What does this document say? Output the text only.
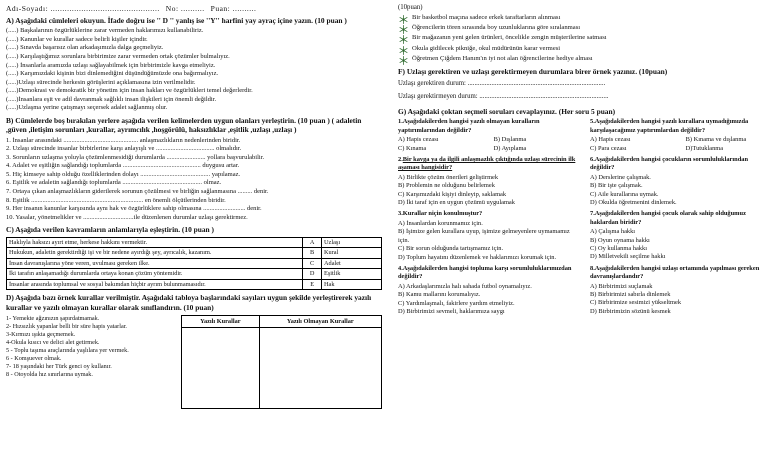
Adı-Soyadı: .............................................. No: .......... Puan: ..........
A) Aşağıdaki cümleleri okuyun. İfade doğru ise '' D '' yanlış ise ''Y'' harfini yay ayraç içine yazın. (10 puan )
(.....) Başkalarının özgürlüklerine zarar vermeden haklarımızı kullanabiliriz.
(.....) Kanunlar ve kurallar sadece belirli kişiler içindir.
(.....) Sınavda başarısız olan arkadaşımızla dalga geçmeliyiz.
(.....) Karşılaştığımız sorunlara birbirimize zarar vermeden ortak çözümler bulmalıyız.
(.....) İnsanlarla aramızda uzlaşı sağlayabilmek için birbirimizle kavga etmeliyiz.
(.....) Karşımızdaki kişinin bizi dinlemediğini düşündüğümüzde ona bağırmalıyız.
(.....)Uzlaşı sürecinde herkesin görüşlerini açıklamasına izin verilmelidir.
(.....)Demokrasi ve demokratik bir yönetim için insan hakları ve özgürlükleri temel değerlerdir.
(.....)İnsanlara eşit ve adil davranmak sağlıklı insan ilişkileri için önemli değildir.
(.....)Uzlaşma yerine çatışmayı seçersek adalet sağlanmış olur.
B) Cümlelerde boş bırakılan yerlere aşağıda verilen kelimelerden uygun olanları yerleştirin. (10 puan ) ( adaletin ,güven ,iletişim sorunları ,kurallar, ayrımcılık ,hoşgörülü, haksızlıklar ,eşitlik ,uzlaşı ,uzlaşı )
1. İnsanlar arasındaki .............................................. anlaşmazlıkların nedenlerinden biridir.
2. Uzlaşı sürecinde insanlar birbirlerine karşı anlayışlı ve .................................... olmalıdır.
3. Sorunların uzlaşma yoluyla çözümlenmesidiği durumlarda ........................ yollara başvurulabilir.
4. Adalet ve eşitliğin sağlandığı toplumlarda ................................................ duygusu artar.
5. Hiç kimseye sahip olduğu özelliklerinden dolayı ........................................... yapılamaz.
6. Eşitlik ve adaletin sağlandığı toplumlarda ................................................. olmaz.
7. Ortaya çıkan anlaşmazlıkların giderilerek sorunun çözülmesi ve birliğin sağlanmasına ......... denir.
8. Eşitlik ..................................................................... en önemli ölçütlerinden biridir.
9. Her insanın kanunlar karşısında aynı hak ve özgürlüklere sahip olmasına .......................... denir.
10. Yasalar, yönetmelikler ve ...............................ile düzenlenen durumlar uzlaşı gerektirmez.
C) Aşağıda verilen kavramların anlamlarıyla eşleştirin. (10 puan )
Haklıyla haksızı ayırt etme, herkese hakkını vermektir.	A	Uzlaşı
Hukukun, adaletin gerektirdiği işi ve bir nedene ayırdığı şey, ayrıcalık, kazanım.	B	Kural
İnsan davranışlarına yöne veren, uvulması gereken ilke.	C	Adalet
İki tarafın anlaşamadığı durumlarda ortaya konan çözüm yöntemidir.	D	Eşitlik
İnsanlar arasında toplumsal ve sosyal bakımdan hiçbir ayrım bulunmamasıdır.	E	Hak
D) Aşağıda bazı örnek kurallar verilmiştir. Aşağıdaki tabloya başlarındaki sayıları uygun şekilde yerleştirerek yazılı kurallar ve yazılı olmayan kurallar olarak sınıflandırın. (10 puan)
1- Yemekte ağzınızın şapırdatmamak.
2- Hızsızlık yapanlar belli bir süre hapis yatarlar.
3-Kırmızı ışıkta geçmemek.
4-Okula kısıcı ve delici alet getirmek.
5 - Toplu taşıma araçlarında yaşlılara yer vermek.
6 - Komşuever olmak.
7- 18 yaşındaki her Türk genci oy kullanır.
8 - Otoyolda hız sınırlarına uymak.
Yazılı Kurallar	Yazılı Olmayan Kurallar

(10puan)
Bir basketbol maçına sadece erkek taraftarların alınması
Öğrencilerin tören sırasında boy uzunluklarına göre sıralanması
Bir mağazanın yeni gelen ürünleri, öncelikle zengin müşterilerine satması
Okula gidilecek pikniğe, okul müdürünün karar vermesi
Öğretmen Çiğdem Hanım'ın iyi not alan öğrencilerine hediye alması
F) Uzlaşı gerektiren ve uzlaşı gerektirmeyen durumlara birer örnek yazınız. (10puan)
Uzlaşı gerektiren durum: .................................................................................
Uzlaşı gerektirmeyen durum: ............................................................................
G) Aşağıdaki çoktan seçmeli soruları cevaplayınız. (Her soru 5 puan)
1.Aşağıdakilerden hangisi yazılı olmayan kuralların yaptırımlarından değildir?
A) Hapis cezası	B) Dışlanma
C) Kınama	D) Ayıplama
2.Bir kavga ya da ilgili anlaşmazlık çıktığında uzlaşı sürecinin ilk aşaması hangisidir?
A) Birlikte çözüm önerileri geliştirmek
B) Problemin ne olduğunu belirlemek
C) Karşımızdaki kişiyi dinleyip, saklamak
D) İki taraf için en uygun çözümü uygulamak
3.Kurallar niçin konulmuştur?
A) İnsanlardan korunmamız için.
B) İşimize gelen kurallara uyup, işimize gelmeyenlere uymamamız için.
C) Bir sorun olduğunda tartışmamız için.
D) Toplum hayatını düzenlemek ve haklarımızı korumak için.
4.Aşağıdakilerden hangisi topluma karşı sorumluluklarımızdan değildir?
A) Arkadaşlarımızla halı sahada futbol oynamalıyız.
B) Kamu mallarını korumalıyız.
C) Yardımlaşmalı, fakirlere yardım etmeliyiz.
D) Birbirimizi sevmeli, haklarımıza saygı
5.Aşağıdakilerden hangisi yazılı kurallara uymadığımızda karşılaşacağımız yaptırımlardan değildir?
A) Hapis cezası	B) Kınama ve dışlanma
C) Para cezası	D)Tutuklanma
6.Aşağıdakilerden hangisi çocukların sorumluluklarından değildir?
A) Derslerine çalışmak.
B) Bir işte çalışmak.
C) Aile kurallarına uymak.
D) Okulda öğretmenini dinlemek.
7.Aşağıdakilerden hangisi çocuk olarak sahip olduğumuz haklardan biridir?
A) Çalışma hakkı
B) Oyun oynama hakkı
C) Oy kullanma hakkı
D) Milletvekili seçilme hakkı
8.Aşağıdakilerden hangisi uzlaşı ortamında yapılması gereken davranışlardandır?
A) Birbirimizi suçlamak
B) Birbirimizi sabırla dinlemek
C) Birbirimize sesimizi yükseltmek
D) Birbirimizin sözünü kesmek
